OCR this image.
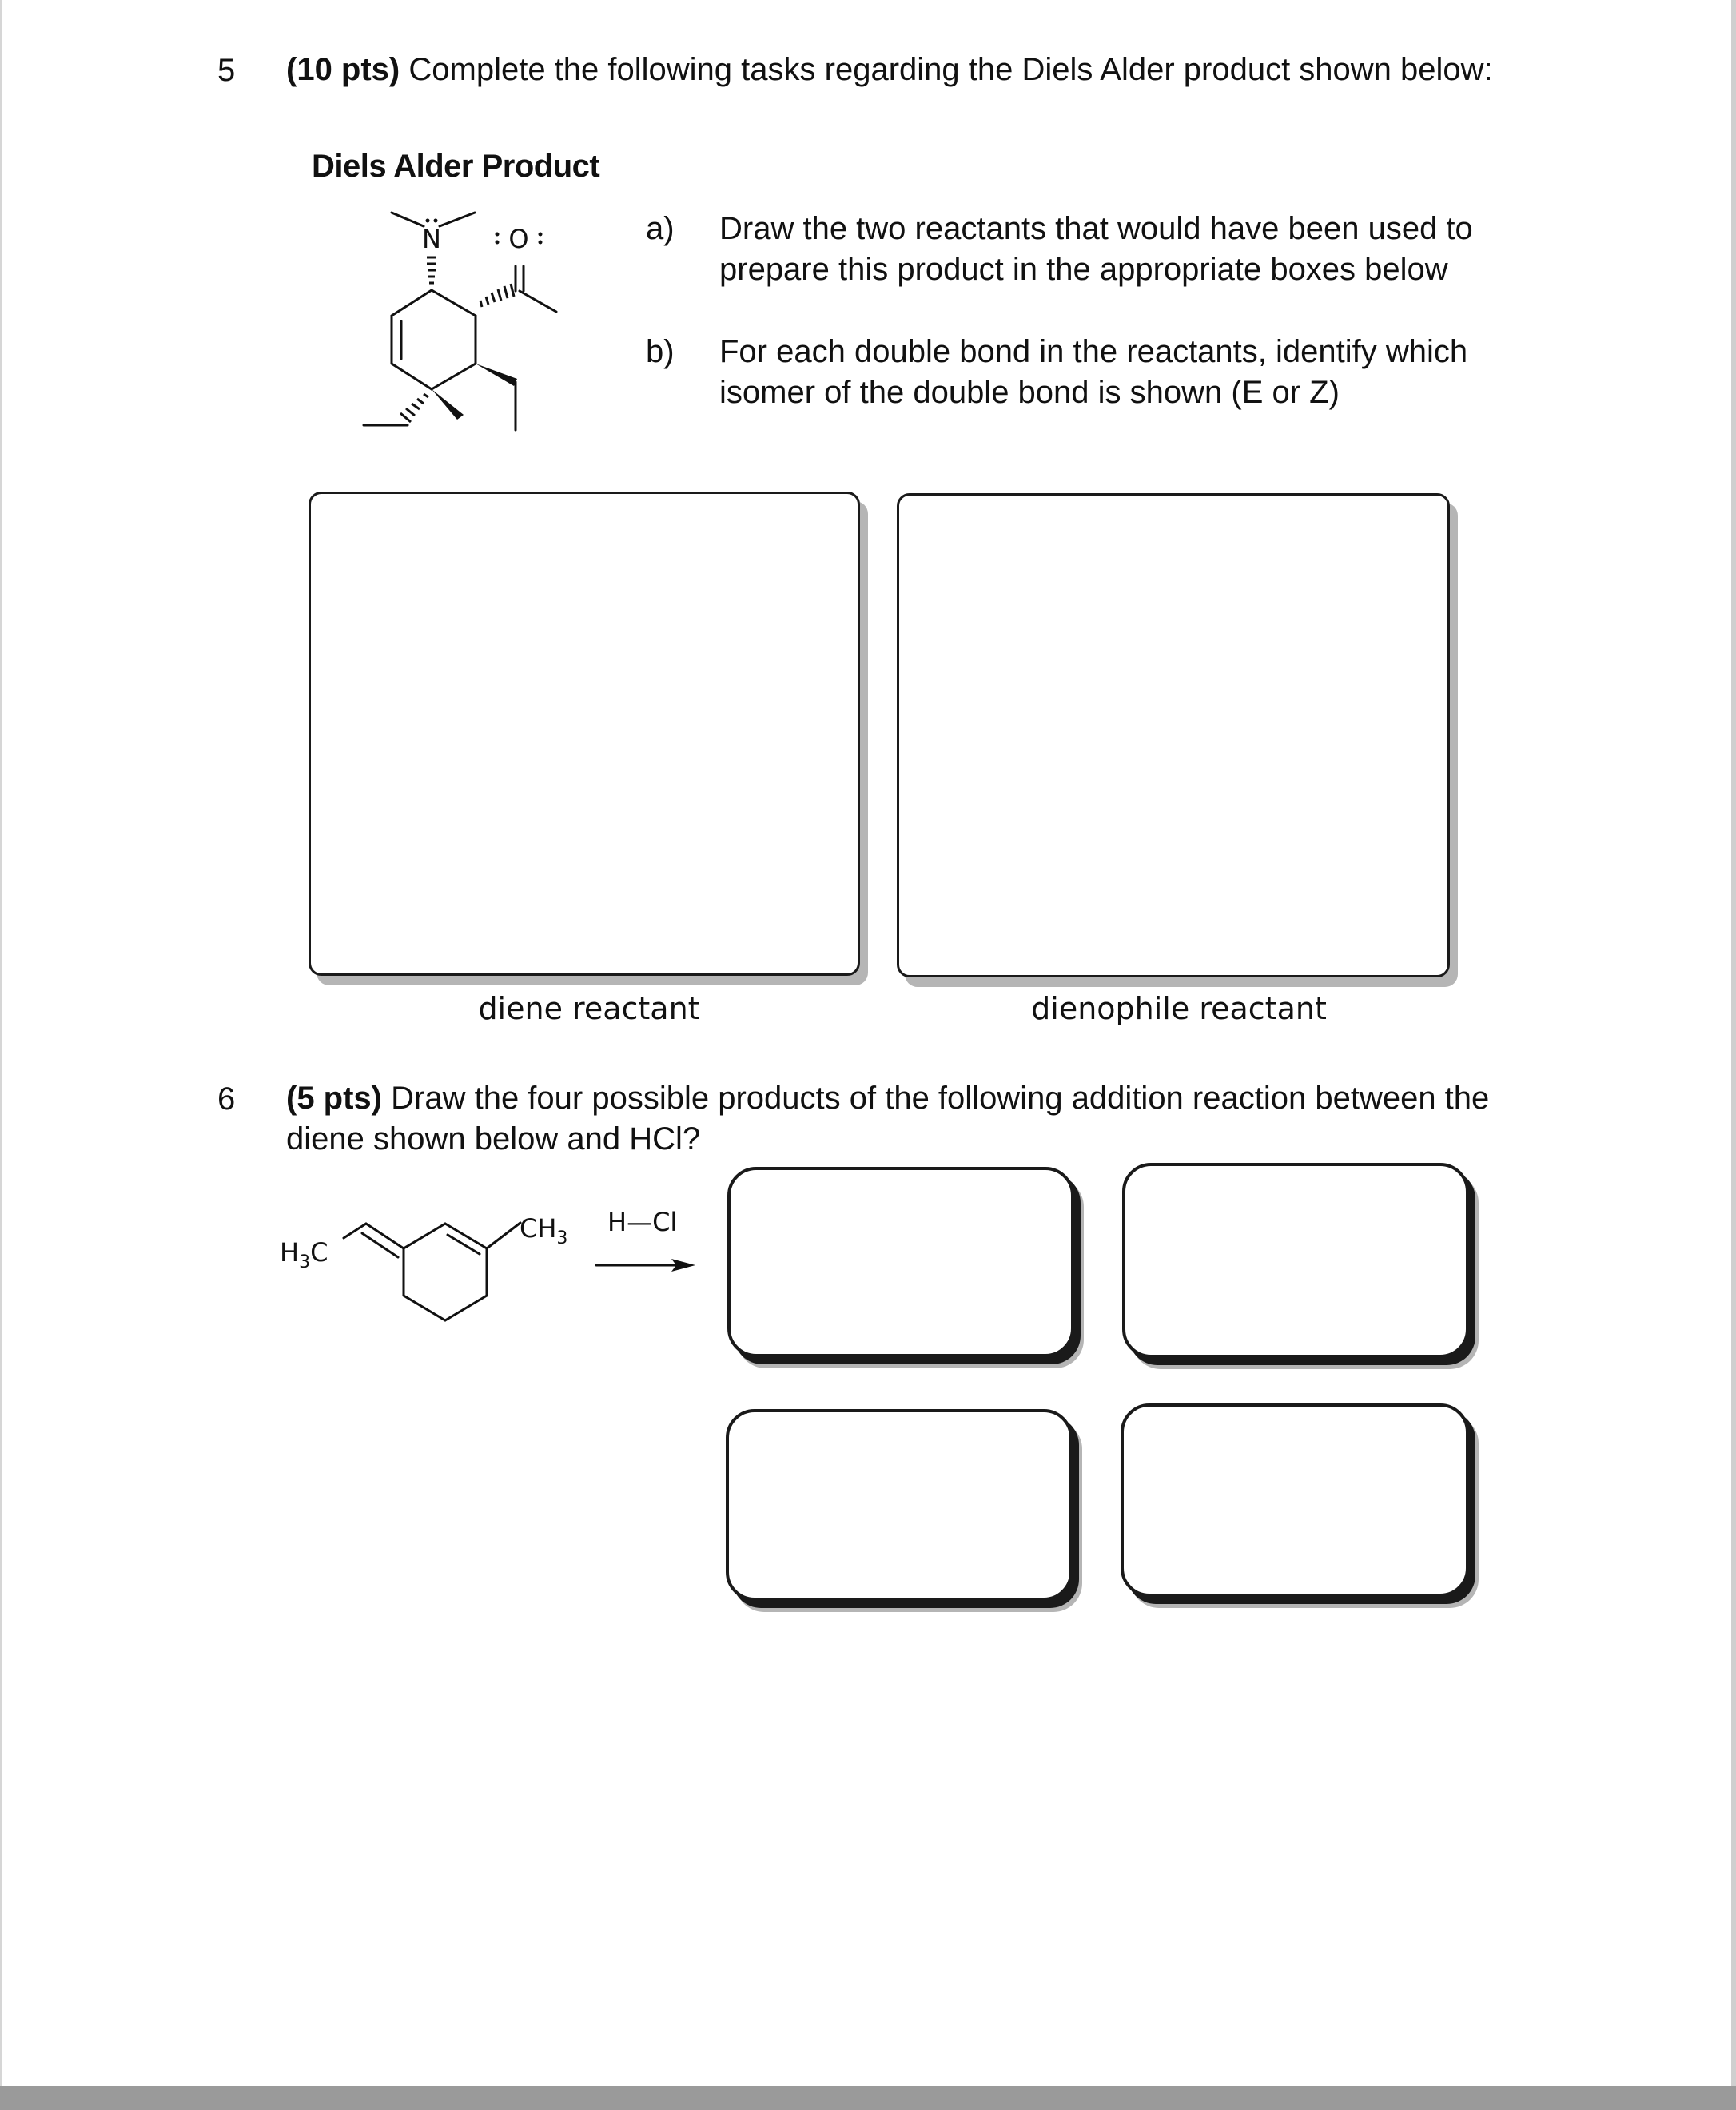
5 (10 pts) Complete the following tasks regarding the Diels Alder product shown below:
Diels Alder Product
N	O	a)	Draw the two reactants that would have been used to prepare this product in the appropriate boxes below
b)	For each double bond in the reactants, identify which isomer of the double bond is shown (E or Z)
diene reactant	dienophile reactant
6 (5 pts) Draw the four possible products of the following addition reaction between the diene shown below and HCl?
$H_3C$
$CH_3$
H—Cl
